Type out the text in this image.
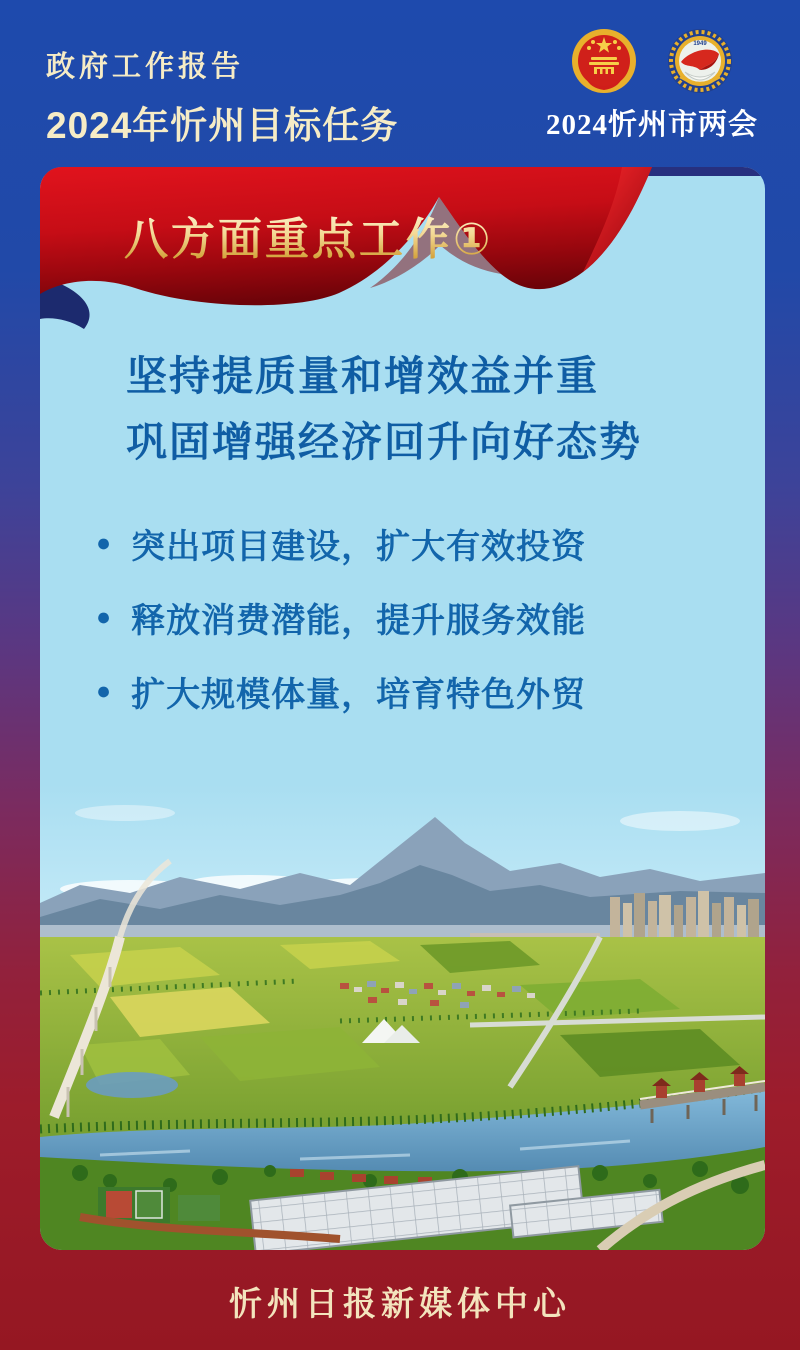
政府工作报告
2024年忻州目标任务
1949
2024忻州市两会
八方面重点工作①
坚持提质量和增效益并重
巩固增强经济回升向好态势
● 突出项目建设，扩大有效投资
● 释放消费潜能，提升服务效能
● 扩大规模体量，培育特色外贸
忻州日报新媒体中心
